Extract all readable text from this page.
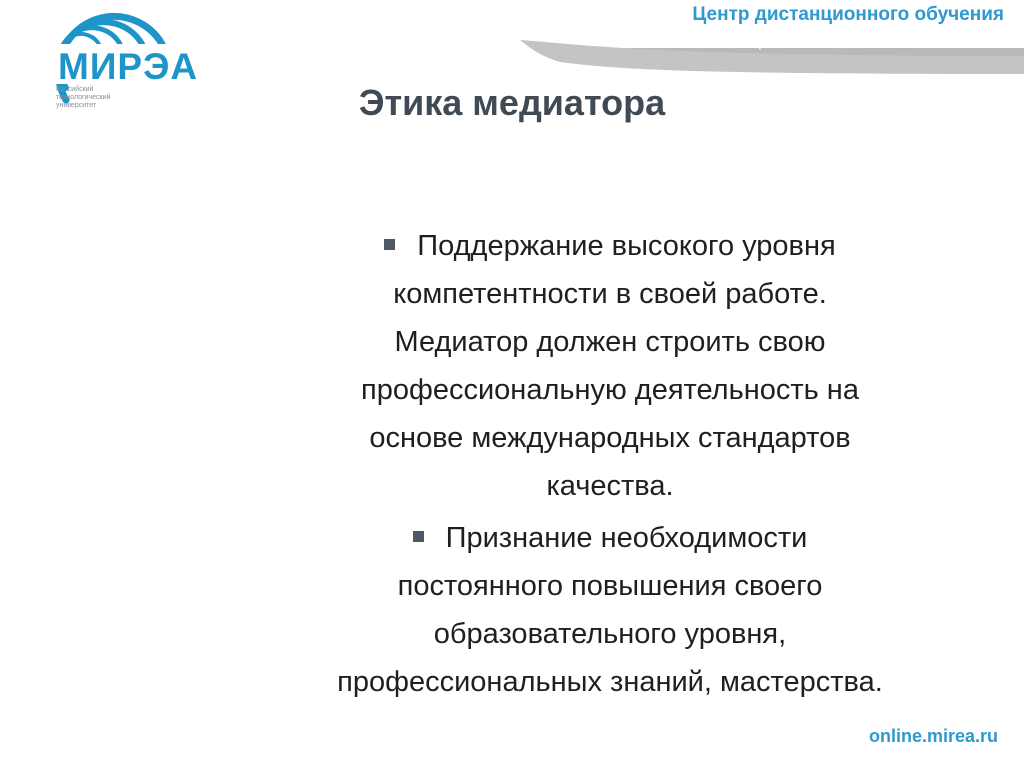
МИРЭА
Российский
технологический
университет
Центр дистанционного обучения
образование в стиле hi tech
Этика медиатора
Поддержание высокого уровня
компетентности в своей работе.
Медиатор должен строить свою
профессиональную деятельность на
основе международных стандартов
качества.
Признание необходимости
постоянного повышения своего
образовательного уровня,
профессиональных знаний, мастерства.
online.mirea.ru
